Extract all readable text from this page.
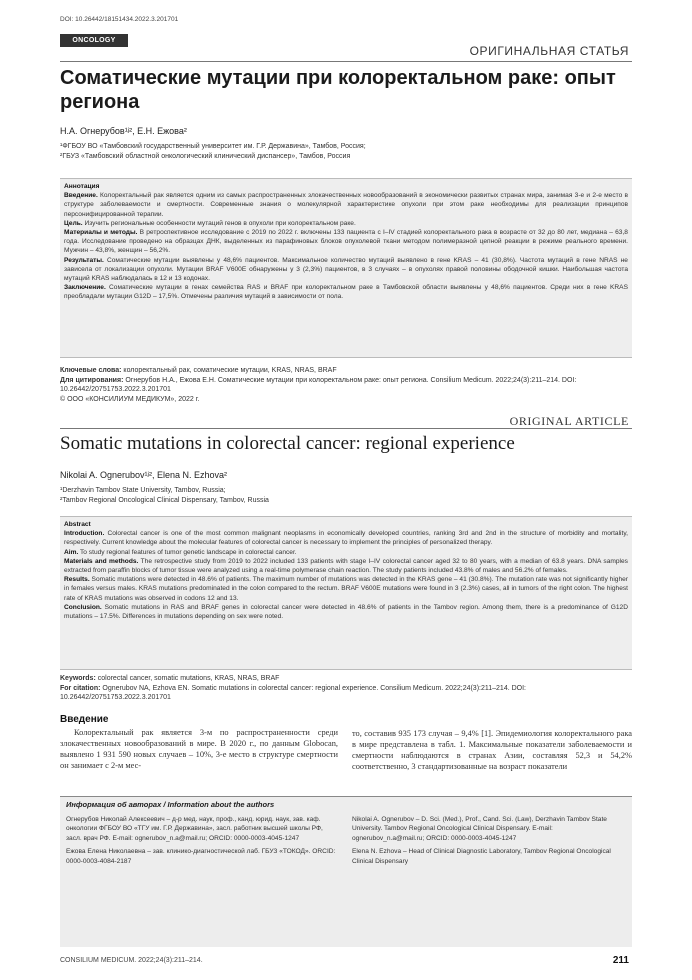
DOI: 10.26442/18151434.2022.3.201701
ONCOLOGY
ОРИГИНАЛЬНАЯ СТАТЬЯ
Соматические мутации при колоректальном раке: опыт региона
Н.А. Огнерубов¹ʲ², Е.Н. Ежова²
¹ФГБОУ ВО «Тамбовский государственный университет им. Г.Р. Державина», Тамбов, Россия;
²ГБУЗ «Тамбовский областной онкологический клинический диспансер», Тамбов, Россия

Аннотация

Введение. Колоректальный рак является одним из самых распространенных злокачественных новообразований в экономически развитых странах мира, занимая 3-е и 2-е место в структуре заболеваемости и смертности. Современные знания о молекулярной характеристике опухоли при этом раке необходимы для реализации принципов персонифицированной терапии.

Цель. Изучить региональные особенности мутаций генов в опухоли при колоректальном раке.

Материалы и методы. В ретроспективное исследование с 2019 по 2022 г. включены 133 пациента с I–IV стадией колоректального рака в возрасте от 32 до 80 лет, медиана – 63,8 года. Исследование проведено на образцах ДНК, выделенных из парафиновых блоков опухолевой ткани методом полимеразной цепной реакции в режиме реального времени. Мужчин – 43,8%, женщин – 56,2%.

Результаты. Соматические мутации выявлены у 48,6% пациентов. Максимальное количество мутаций выявлено в гене KRAS – 41 (30,8%). Частота мутаций в гене NRAS не зависела от локализации опухоли. Мутации BRAF V600E обнаружены у 3 (2,3%) пациентов, в 3 случаях – в опухолях правой половины ободочной кишки. Наибольшая частота мутаций KRAS наблюдалась в 12 и 13 кодонах.

Заключение. Соматические мутации в генах семейства RAS и BRAF при колоректальном раке в Тамбовской области выявлены у 48,6% пациентов. Среди них в гене KRAS преобладали мутации G12D – 17,5%. Отмечены различия мутаций в зависимости от пола.

Ключевые слова: колоректальный рак, соматические мутации, KRAS, NRAS, BRAF

Для цитирования: Огнерубов Н.А., Ежова Е.Н. Соматические мутации при колоректальном раке: опыт региона. Consilium Medicum. 2022;24(3):211–214. DOI: 10.26442/20751753.2022.3.201701

© ООО «КОНСИЛИУМ МЕДИКУМ», 2022 г.

ORIGINAL ARTICLE
Somatic mutations in colorectal cancer: regional experience
Nikolai A. Ognerubov¹ʲ², Elena N. Ezhova²
¹Derzhavin Tambov State University, Tambov, Russia;
²Tambov Regional Oncological Clinical Dispensary, Tambov, Russia

Abstract

Introduction. Colorectal cancer is one of the most common malignant neoplasms in economically developed countries, ranking 3rd and 2nd in the structure of morbidity and mortality, respectively. Current knowledge about the molecular features of colorectal cancer is necessary to implement the principles of personalized therapy.

Aim. To study regional features of tumor genetic landscape in colorectal cancer.

Materials and methods. The retrospective study from 2019 to 2022 included 133 patients with stage I–IV colorectal cancer aged 32 to 80 years, with a median of 63.8 years. DNA samples extracted from paraffin blocks of tumor tissue were analyzed using a real-time polymerase chain reaction. The study patients included 43.8% of males and 56.2% of females.

Results. Somatic mutations were detected in 48.6% of patients. The maximum number of mutations was detected in the KRAS gene – 41 (30.8%). The mutation rate was not significantly higher in females versus males. KRAS mutations predominated in the colon compared to the rectum. BRAF V600E mutations were found in 3 (2.3%) cases, all in tumors of the right colon. The highest rate of KRAS mutations was observed in codons 12 and 13.

Conclusion. Somatic mutations in RAS and BRAF genes in colorectal cancer were detected in 48.6% of patients in the Tambov region. Among them, there is a predominance of G12D mutations – 17.5%. Differences in mutations depending on sex were noted.

Keywords: colorectal cancer, somatic mutations, KRAS, NRAS, BRAF

For citation: Ognerubov NA, Ezhova EN. Somatic mutations in colorectal cancer: regional experience. Consilium Medicum. 2022;24(3):211–214. DOI: 10.26442/20751753.2022.3.201701

Введение

Колоректальный рак является 3-м по распространенности среди злокачественных новообразований в мире. В 2020 г., по данным Globocan, выявлено 1 931 590 новых случаев – 10%, 3-е место в структуре смертности он занимает с 2-м мес-

то, составив 935 173 случая – 9,4% [1]. Эпидемиология колоректального рака в мире представлена в табл. 1. Максимальные показатели заболеваемости и смертности наблюдаются в странах Азии, составляя 52,3 и 54,2% соответственно, 3 стандартизованные на возраст показатели

Информация об авторах / Information about the authors

Огнерубов Николай Алексеевич – д-р мед. наук, проф., канд. юрид. наук, зав. каф. онкологии ФГБОУ ВО «ТГУ им. Г.Р. Державина», засл. работник высшей школы РФ, засл. врач РФ. E-mail: ognerubov_n.a@mail.ru; ORCID: 0000-0003-4045-1247

Ежова Елена Николаевна – зав. клинико-диагностической лаб. ГБУЗ «ТОКОД». ORCID: 0000-0003-4084-2187

Nikolai A. Ognerubov – D. Sci. (Med.), Prof., Cand. Sci. (Law), Derzhavin Tambov State University. Tambov Regional Oncological Clinical Dispensary. E-mail: ognerubov_n.a@mail.ru; ORCID: 0000-0003-4045-1247

Elena N. Ezhova – Head of Clinical Diagnostic Laboratory, Tambov Regional Oncological Clinical Dispensary

CONSILIUM MEDICUM. 2022;24(3):211–214.	211
